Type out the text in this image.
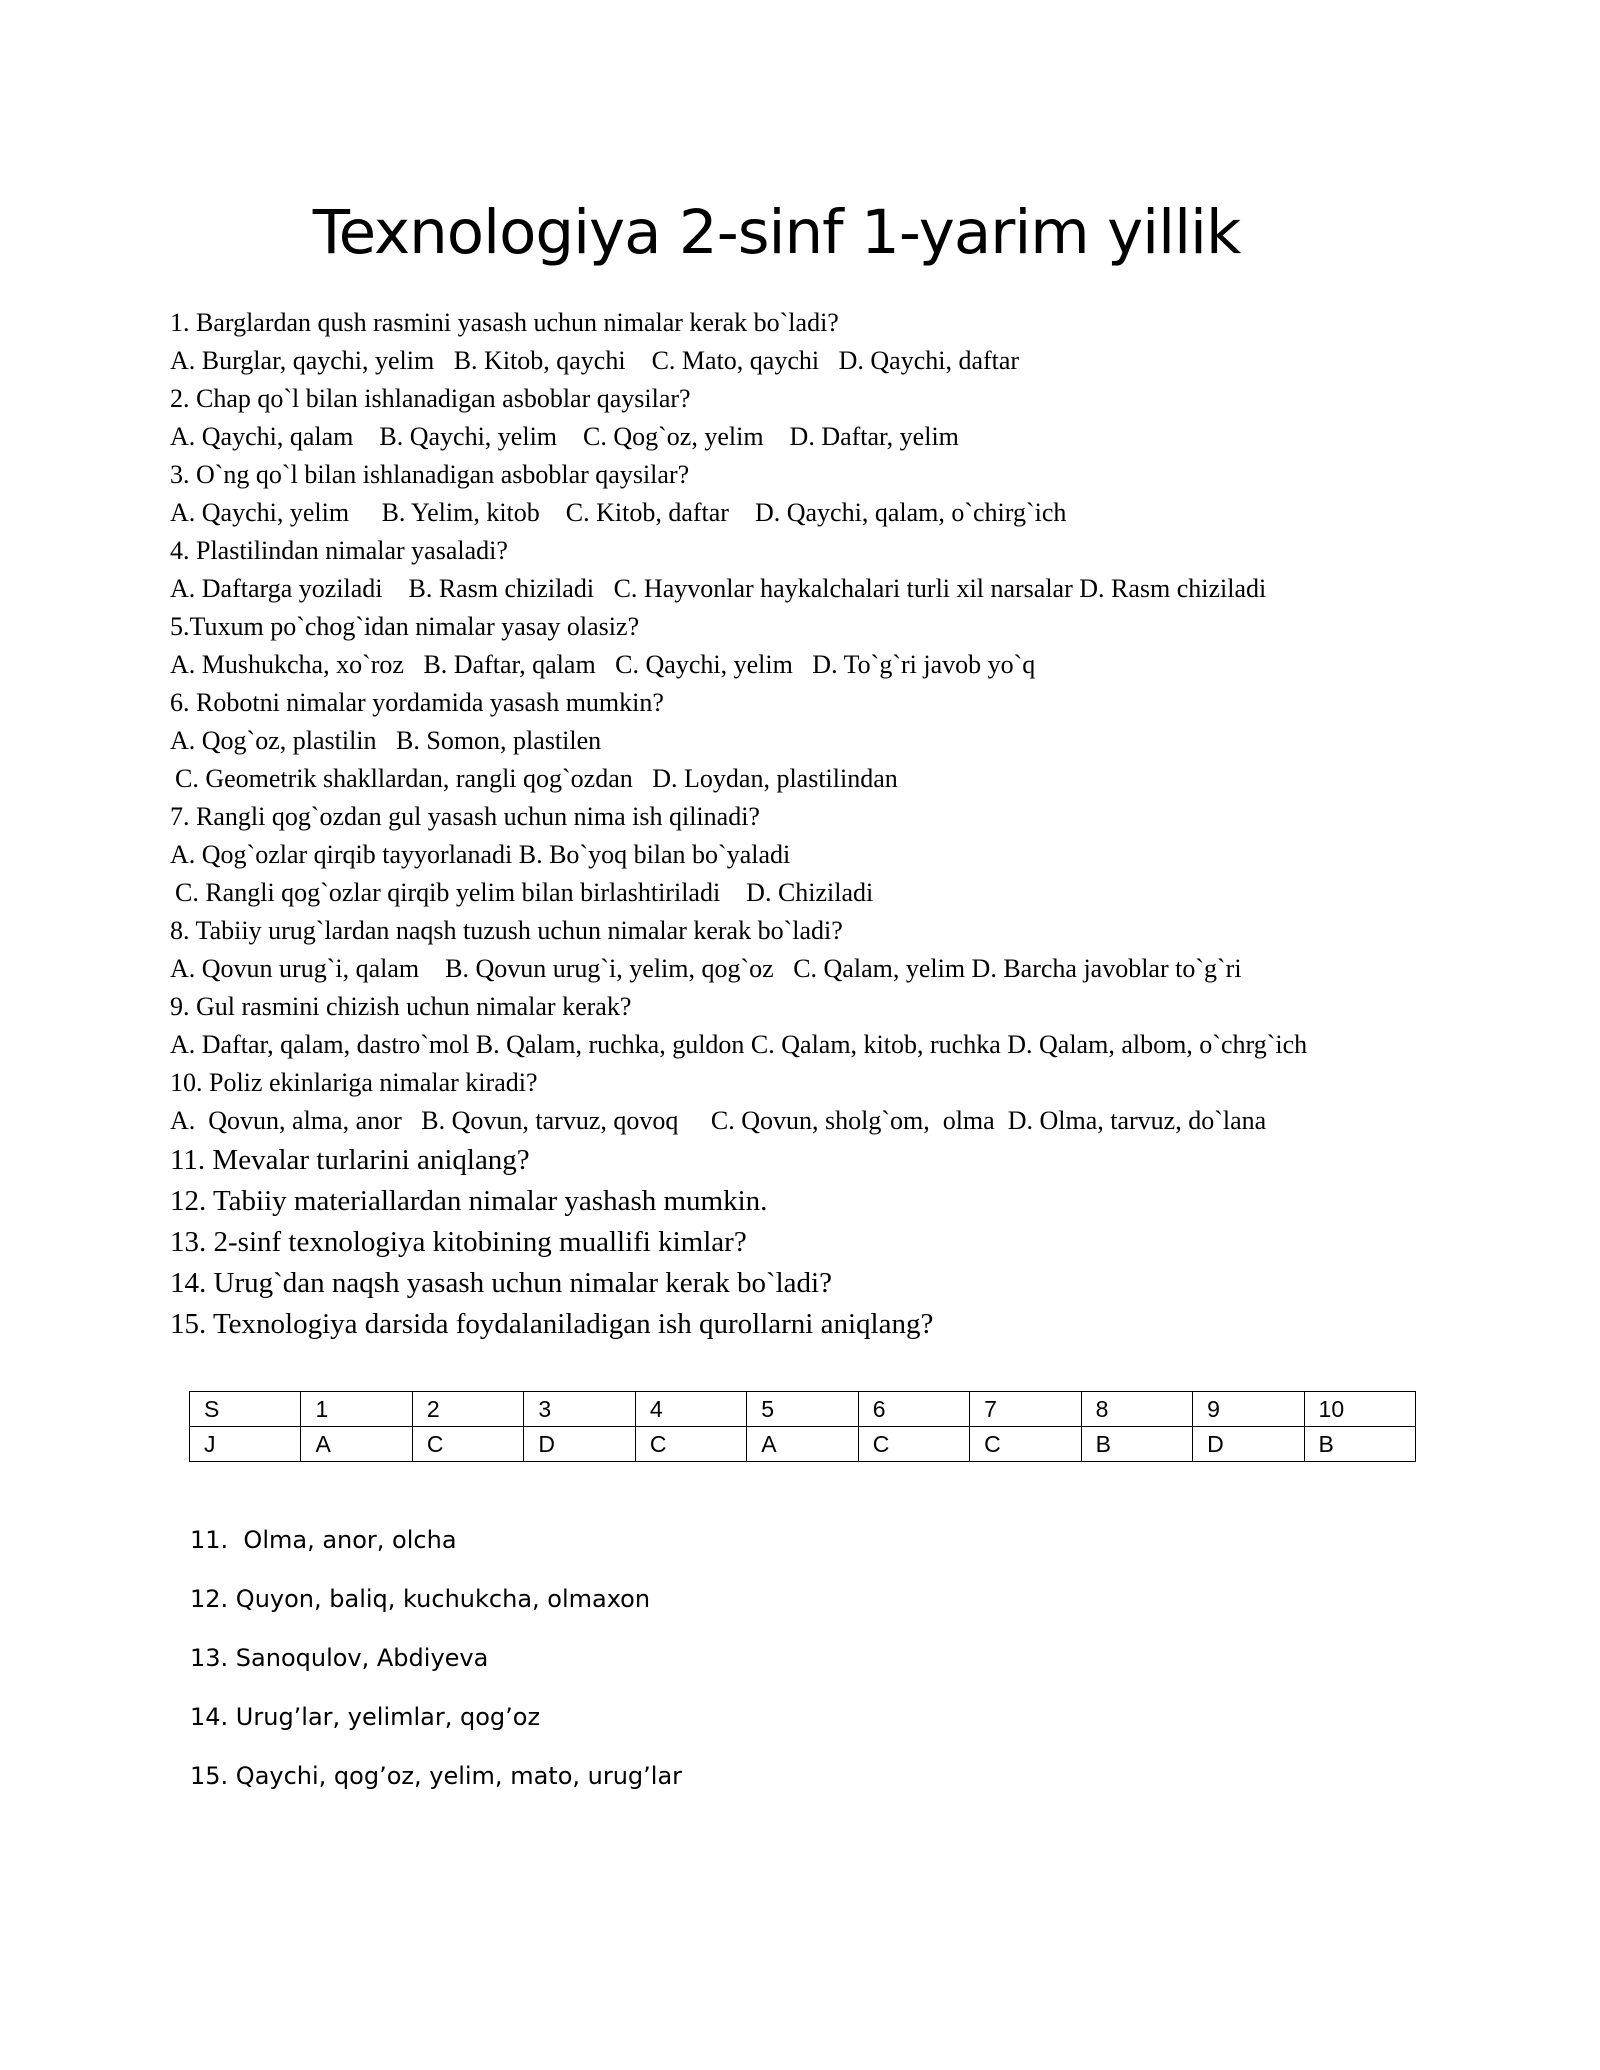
Texnologiya 2-sinf 1-yarim yillik
1. Barglardan qush rasmini yasash uchun nimalar kerak bo`ladi?
A. Burglar, qaychi, yelim   B. Kitob, qaychi    C. Mato, qaychi   D. Qaychi, daftar
2. Chap qo`l bilan ishlanadigan asboblar qaysilar?
A. Qaychi, qalam    B. Qaychi, yelim    C. Qog`oz, yelim    D. Daftar, yelim
3. O`ng qo`l bilan ishlanadigan asboblar qaysilar?
A. Qaychi, yelim     B. Yelim, kitob    C. Kitob, daftar    D. Qaychi, qalam, o`chirg`ich
4. Plastilindan nimalar yasaladi?
A. Daftarga yoziladi    B. Rasm chiziladi   C. Hayvonlar haykalchalari turli xil narsalar D. Rasm chiziladi
5.Tuxum po`chog`idan nimalar yasay olasiz?
A. Mushukcha, xo`roz   B. Daftar, qalam   C. Qaychi, yelim   D. To`g`ri javob yo`q
6. Robotni nimalar yordamida yasash mumkin?
A. Qog`oz, plastilin   B. Somon, plastilen
C. Geometrik shakllardan, rangli qog`ozdan   D. Loydan, plastilindan
7. Rangli qog`ozdan gul yasash uchun nima ish qilinadi?
A. Qog`ozlar qirqib tayyorlanadi B. Bo`yoq bilan bo`yaladi
C. Rangli qog`ozlar qirqib yelim bilan birlashtiriladi    D. Chiziladi
8. Tabiiy urug`lardan naqsh tuzush uchun nimalar kerak bo`ladi?
A. Qovun urug`i, qalam    B. Qovun urug`i, yelim, qog`oz   C. Qalam, yelim D. Barcha javoblar to`g`ri
9. Gul rasmini chizish uchun nimalar kerak?
A. Daftar, qalam, dastro`mol B. Qalam, ruchka, guldon C. Qalam, kitob, ruchka D. Qalam, albom, o`chrg`ich
10. Poliz ekinlariga nimalar kiradi?
A.  Qovun, alma, anor   B. Qovun, tarvuz, qovoq     C. Qovun, sholg`om,  olma  D. Olma, tarvuz, do`lana
11. Mevalar turlarini aniqlang?
12. Tabiiy materiallardan nimalar yashash mumkin.
13. 2-sinf texnologiya kitobining muallifi kimlar?
14. Urug`dan naqsh yasash uchun nimalar kerak bo`ladi?
15. Texnologiya darsida foydalaniladigan ish qurollarni aniqlang?
S	1	2	3	4	5	6	7	8	9	10
J	A	C	D	C	A	C	C	B	D	B
11.  Olma, anor, olcha
12. Quyon, baliq, kuchukcha, olmaxon
13. Sanoqulov, Abdiyeva
14. Urug’lar, yelimlar, qog’oz
15. Qaychi, qog’oz, yelim, mato, urug’lar
